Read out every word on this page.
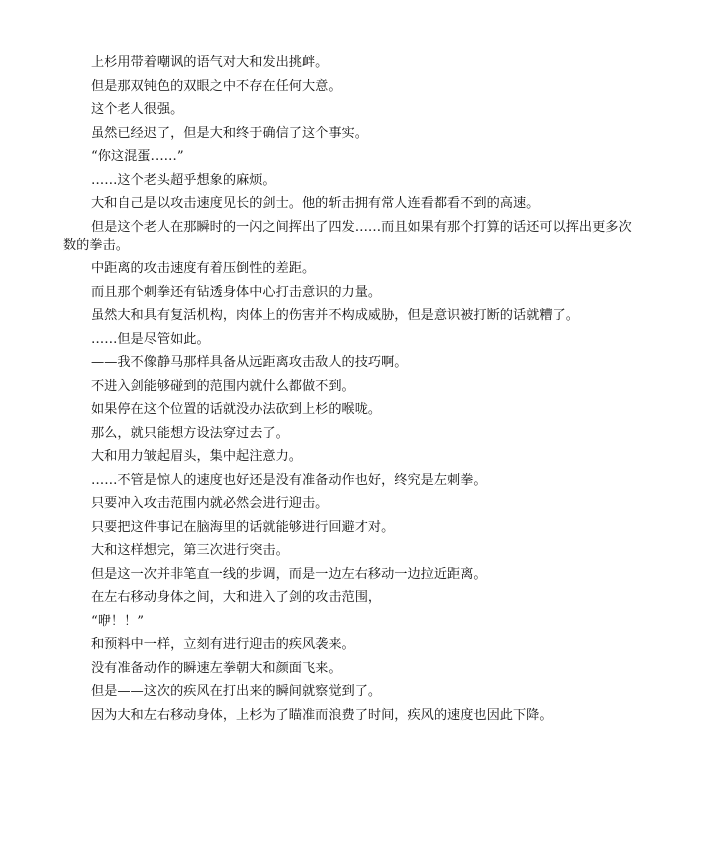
上杉用带着嘲讽的语气对大和发出挑衅。

但是那双钝色的双眼之中不存在任何大意。

这个老人很强。

虽然已经迟了，但是大和终于确信了这个事实。

“你这混蛋……”

……这个老头超乎想象的麻烦。

大和自己是以攻击速度见长的剑士。他的斩击拥有常人连看都看不到的高速。

但是这个老人在那瞬时的一闪之间挥出了四发……而且如果有那个打算的话还可以挥出更多次数的拳击。

中距离的攻击速度有着压倒性的差距。

而且那个刺拳还有钻透身体中心打击意识的力量。

虽然大和具有复活机构，肉体上的伤害并不构成威胁，但是意识被打断的话就糟了。

……但是尽管如此。

——我不像静马那样具备从远距离攻击敌人的技巧啊。

不进入剑能够碰到的范围内就什么都做不到。

如果停在这个位置的话就没办法砍到上杉的喉咙。

那么，就只能想方设法穿过去了。

大和用力皱起眉头，集中起注意力。

……不管是惊人的速度也好还是没有准备动作也好，终究是左刺拳。

只要冲入攻击范围内就必然会进行迎击。

只要把这件事记在脑海里的话就能够进行回避才对。

大和这样想完，第三次进行突击。

但是这一次并非笔直一线的步调，而是一边左右移动一边拉近距离。

在左右移动身体之间，大和进入了剑的攻击范围，

“咿！！”

和预料中一样，立刻有进行迎击的疾风袭来。

没有准备动作的瞬速左拳朝大和颜面飞来。

但是——这次的疾风在打出来的瞬间就察觉到了。

因为大和左右移动身体，上杉为了瞄准而浪费了时间，疾风的速度也因此下降。
